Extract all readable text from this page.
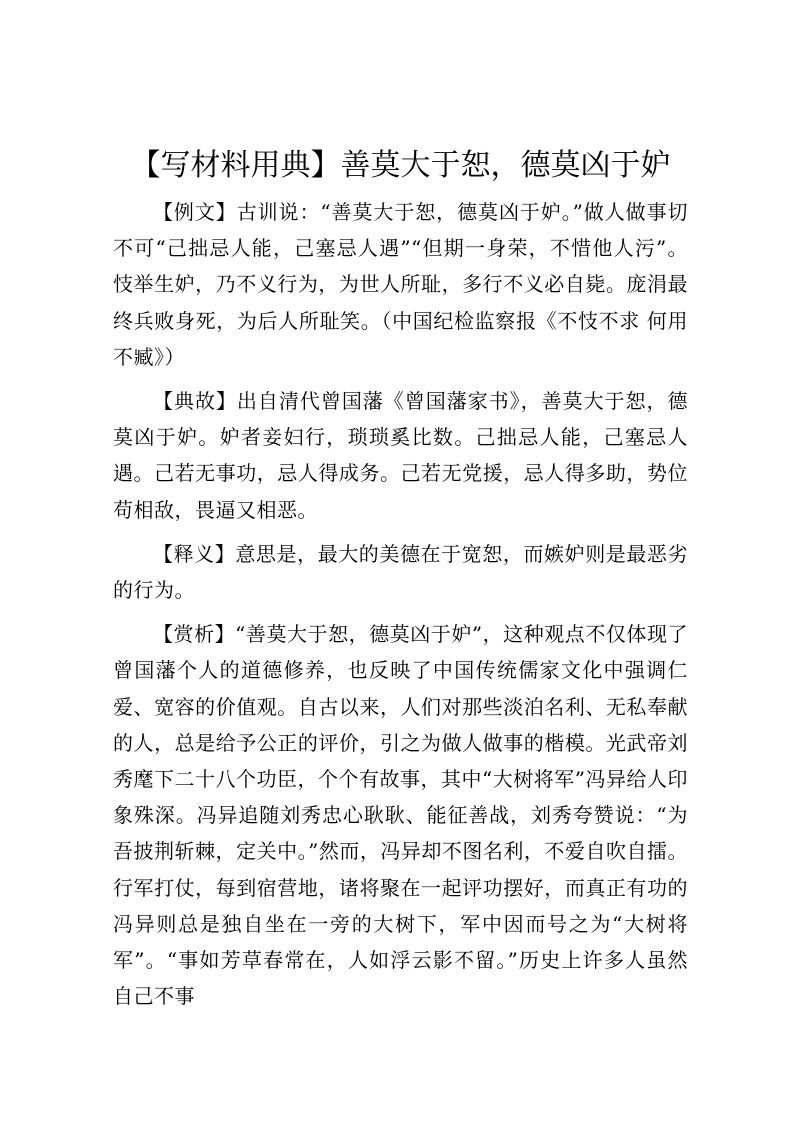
【写材料用典】善莫大于恕，德莫凶于妒

【例文】古训说：“善莫大于恕，德莫凶于妒。”做人做事切不可“己拙忌人能，己塞忌人遇”“但期一身荣，不惜他人污”。忮举生妒，乃不义行为，为世人所耻，多行不义必自毙。庞涓最终兵败身死，为后人所耻笑。（中国纪检监察报《不忮不求 何用不臧》）

【典故】出自清代曾国藩《曾国藩家书》，善莫大于恕，德莫凶于妒。妒者妾妇行，琐琐奚比数。己拙忌人能，己塞忌人遇。己若无事功，忌人得成务。己若无党援，忌人得多助，势位苟相敌，畏逼又相恶。

【释义】意思是，最大的美德在于宽恕，而嫉妒则是最恶劣的行为。

【赏析】“善莫大于恕，德莫凶于妒”，这种观点不仅体现了曾国藩个人的道德修养，也反映了中国传统儒家文化中强调仁爱、宽容的价值观。自古以来，人们对那些淡泊名利、无私奉献的人，总是给予公正的评价，引之为做人做事的楷模。光武帝刘秀麾下二十八个功臣，个个有故事，其中“大树将军”冯异给人印象殊深。冯异追随刘秀忠心耿耿、能征善战，刘秀夸赞说：“为吾披荆斩棘，定关中。”然而，冯异却不图名利，不爱自吹自擂。行军打仗，每到宿营地，诸将聚在一起评功摆好，而真正有功的冯异则总是独自坐在一旁的大树下，军中因而号之为“大树将军”。“事如芳草春常在，人如浮云影不留。”历史上许多人虽然自己不事
